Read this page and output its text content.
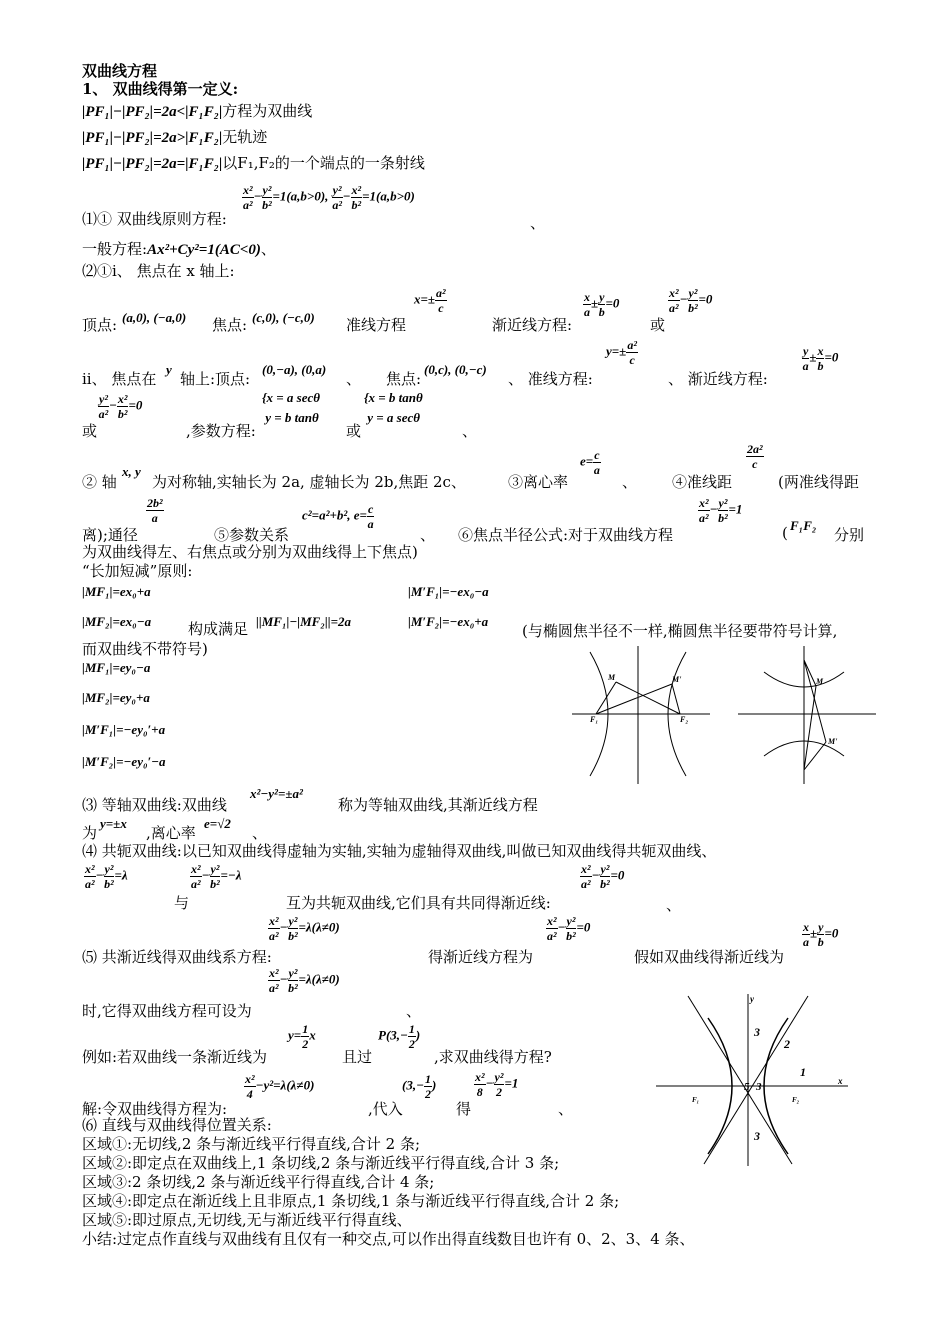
双曲线方程
1、 双曲线得第一定义:
|PF₁|−|PF₂|=2a<|F₁F₂|方程为双曲线
|PF₁|−|PF₂|=2a>|F₁F₂|无轨迹
|PF₁|−|PF₂|=2a=|F₁F₂|以F₁,F₂的一个端点的一条射线
⑴① 双曲线原则方程:
$\frac{\text{x²}}{\text{a²}} - \frac{\text{y²}}{\text{b²}} =1(a,b>0)$, $\frac{\text{y²}}{\text{a²}} - \frac{\text{x²}}{\text{b²}} =1(a,b>0)$
、
一般方程:Ax²+Cy²=1(AC<0)、
⑵①i、 焦点在 x 轴上:
顶点: (a,0), (−a,0) 焦点: (c,0), (−c,0) 准线方程
$x=\pm \frac{\text{a²}}{c}$
渐近线方程:
$\frac{x}{a} \pm \frac{y}{b} =0$
或
$\frac{\text{x²}}{\text{a²}} - \frac{\text{y²}}{\text{b²}} =0$
ii、 焦点在
y
轴上:顶点:
(0,−a), (0,a)
、 焦点:
(0,c), (0,−c)
、 准线方程:
$y=\pm \frac{\text{a²}}{c}$
、 渐近线方程:
$\frac{y}{a} \pm \frac{x}{b} =0$
$\frac{\text{y²}}{\text{a²}} - \frac{\text{x²}}{\text{b²}} =0$
或	,参数方程:
{x = a secθ
y = b tanθ
或
{x = b tanθ
y = a secθ
、
② 轴
x, y
为对称轴,实轴长为 2a, 虚轴长为 2b,焦距 2c、	③离心率
$e= \frac{c}{a}$
、 ④准线距
$\frac{\text{2a²}}{c}$
(两准线得距
离);通径
$\frac{\text{2b²}}{a}$
⑤参数关系
c²=a²+b², $e= \frac{c}{a}$
、 ⑥焦点半径公式:对于双曲线方程
$\frac{\text{x²}}{\text{a²}} - \frac{\text{y²}}{\text{b²}} =1$
( F₁F₂
分别
为双曲线得左、右焦点或分别为双曲线得上下焦点)
“长加短减”原则:
|MF₁|=ex₀+a
|MF₂|=ex₀−a 构成满足 ||MF₁|−|MF₂||=2a
|M′F₁|=−ex₀−a
|M′F₂|=−ex₀+a
(与椭圆焦半径不一样,椭圆焦半径要带符号计算,
而双曲线不带符号)
|MF₁|=ey₀−a
|MF₂|=ey₀+a
|M′F₁|=−ey₀′+a
|M′F₂|=−ey₀′−a
M	M'
F₁	F₂
M
M'
⑶ 等轴双曲线:双曲线
x²−y²=±a²
称为等轴双曲线,其渐近线方程
为
y=±x
,离心率
e=√2
、
⑷ 共轭双曲线:以已知双曲线得虚轴为实轴,实轴为虚轴得双曲线,叫做已知双曲线得共轭双曲线、
$\frac{\text{x²}}{\text{a²}} - \frac{\text{y²}}{\text{b²}} =\lambda$
与
$\frac{\text{x²}}{\text{a²}} - \frac{\text{y²}}{\text{b²}} =-\lambda$
互为共轭双曲线,它们具有共同得渐近线:
$\frac{\text{x²}}{\text{a²}} - \frac{\text{y²}}{\text{b²}} =0$
、
⑸ 共渐近线得双曲线系方程:
$\frac{\text{x²}}{\text{a²}} - \frac{\text{y²}}{\text{b²}} =\lambda(\lambda\ne 0)$
得渐近线方程为
$\frac{\text{x²}}{\text{a²}} - \frac{\text{y²}}{\text{b²}} =0$
假如双曲线得渐近线为
$\frac{x}{a} \pm \frac{y}{b} =0$
时,它得双曲线方程可设为
$\frac{\text{x²}}{\text{a²}} - \frac{\text{y²}}{\text{b²}} =\lambda(\lambda\ne 0)$
、
例如:若双曲线一条渐近线为
$y= \frac{1}{2}$ x
且过
$P(3,- \frac{1}{2}$ )
,求双曲线得方程?
解:令双曲线得方程为:
$\frac{\text{x²}}{4} -y^2=\lambda(\lambda\ne 0)$
,代入
($3,- \frac{1}{2}$ )
得
$\frac{\text{x²}}{8} - \frac{\text{y²}}{2} =1$
、
y
x
3
3
3
5
2
1
F₁	F₂
⑹ 直线与双曲线得位置关系:
区域①:无切线,2 条与渐近线平行得直线,合计 2 条;
区域②:即定点在双曲线上,1 条切线,2 条与渐近线平行得直线,合计 3 条;
区域③:2 条切线,2 条与渐近线平行得直线,合计 4 条;
区域④:即定点在渐近线上且非原点,1 条切线,1 条与渐近线平行得直线,合计 2 条;
区域⑤:即过原点,无切线,无与渐近线平行得直线、
小结:过定点作直线与双曲线有且仅有一种交点,可以作出得直线数目也许有 0、2、3、4 条、
